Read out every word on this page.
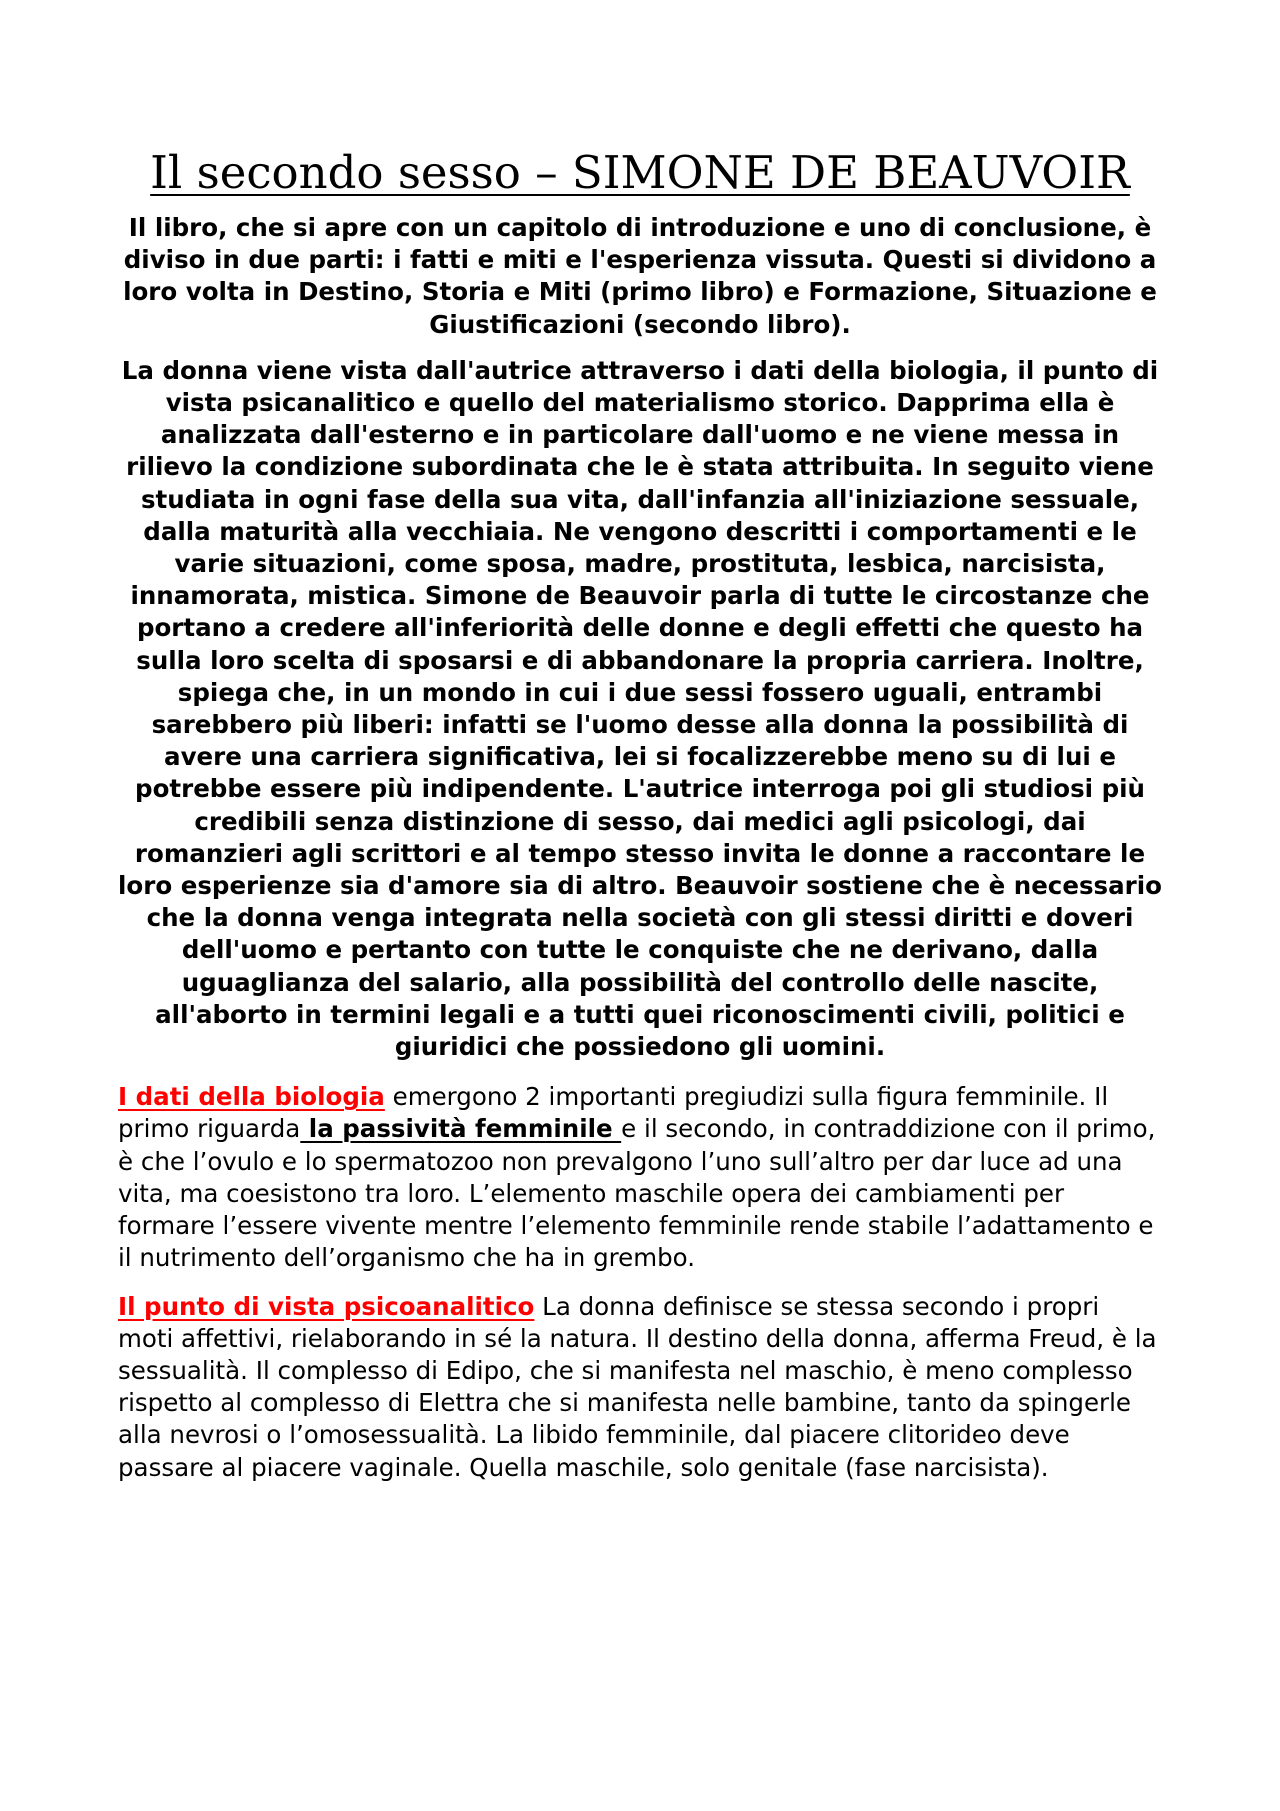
Il secondo sesso – SIMONE DE BEAUVOIR

Il libro, che si apre con un capitolo di introduzione e uno di conclusione, è diviso in due parti: i fatti e miti e l'esperienza vissuta. Questi si dividono a loro volta in Destino, Storia e Miti (primo libro) e Formazione, Situazione e Giustificazioni (secondo libro).

La donna viene vista dall'autrice attraverso i dati della biologia, il punto di vista psicanalitico e quello del materialismo storico. Dapprima ella è analizzata dall'esterno e in particolare dall'uomo e ne viene messa in rilievo la condizione subordinata che le è stata attribuita. In seguito viene studiata in ogni fase della sua vita, dall'infanzia all'iniziazione sessuale, dalla maturità alla vecchiaia. Ne vengono descritti i comportamenti e le varie situazioni, come sposa, madre, prostituta, lesbica, narcisista, innamorata, mistica. Simone de Beauvoir parla di tutte le circostanze che portano a credere all'inferiorità delle donne e degli effetti che questo ha sulla loro scelta di sposarsi e di abbandonare la propria carriera. Inoltre, spiega che, in un mondo in cui i due sessi fossero uguali, entrambi sarebbero più liberi: infatti se l'uomo desse alla donna la possibilità di avere una carriera significativa, lei si focalizzerebbe meno su di lui e potrebbe essere più indipendente. L'autrice interroga poi gli studiosi più credibili senza distinzione di sesso, dai medici agli psicologi, dai romanzieri agli scrittori e al tempo stesso invita le donne a raccontare le loro esperienze sia d'amore sia di altro. Beauvoir sostiene che è necessario che la donna venga integrata nella società con gli stessi diritti e doveri dell'uomo e pertanto con tutte le conquiste che ne derivano, dalla uguaglianza del salario, alla possibilità del controllo delle nascite, all'aborto in termini legali e a tutti quei riconoscimenti civili, politici e giuridici che possiedono gli uomini.

I dati della biologia emergono 2 importanti pregiudizi sulla figura femminile. Il primo riguarda la passività femminile e il secondo, in contraddizione con il primo, è che l’ovulo e lo spermatozoo non prevalgono l’uno sull’altro per dar luce ad una vita, ma coesistono tra loro. L’elemento maschile opera dei cambiamenti per formare l’essere vivente mentre l’elemento femminile rende stabile l’adattamento e il nutrimento dell’organismo che ha in grembo.

Il punto di vista psicoanalitico La donna definisce se stessa secondo i propri moti affettivi, rielaborando in sé la natura. Il destino della donna, afferma Freud, è la sessualità. Il complesso di Edipo, che si manifesta nel maschio, è meno complesso rispetto al complesso di Elettra che si manifesta nelle bambine, tanto da spingerle alla nevrosi o l’omosessualità. La libido femminile, dal piacere clitorideo deve passare al piacere vaginale. Quella maschile, solo genitale (fase narcisista).
